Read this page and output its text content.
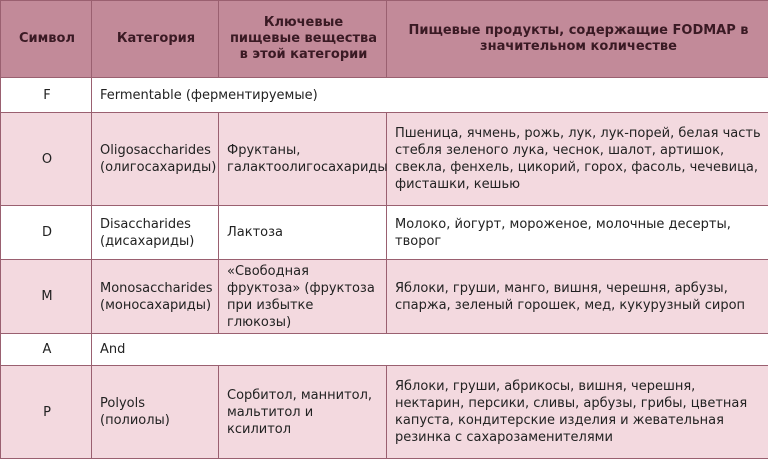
Символ	Категория	Ключевые пищевые вещества в этой категории	Пищевые продукты, содержащие FODMAP в значительном количестве
F	Fermentable (ферментируемые)		
O	Oligosaccharides (олигосахариды)	Фруктаны, галактоолигосахариды	Пшеница, ячмень, рожь, лук, лук-порей, белая часть стебля зеленого лука, чеснок, шалот, артишок, свекла, фенхель, цикорий, горох, фасоль, чечевица, фисташки, кешью
D	Disaccharides (дисахариды)	Лактоза	Молоко, йогурт, мороженое, молочные десерты, творог
M	Monosaccharides (моносахариды)	«Свободная фруктоза» (фруктоза при избытке глюкозы)	Яблоки, груши, манго, вишня, черешня, арбузы, спаржа, зеленый горошек, мед, кукурузный сироп
A	And		
P	Polyols (полиолы)	Сорбитол, маннитол, мальтитол и ксилитол	Яблоки, груши, абрикосы, вишня, черешня, нектарин, персики, сливы, арбузы, грибы, цветная капуста, кондитерские изделия и жевательная резинка с сахарозаменителями
